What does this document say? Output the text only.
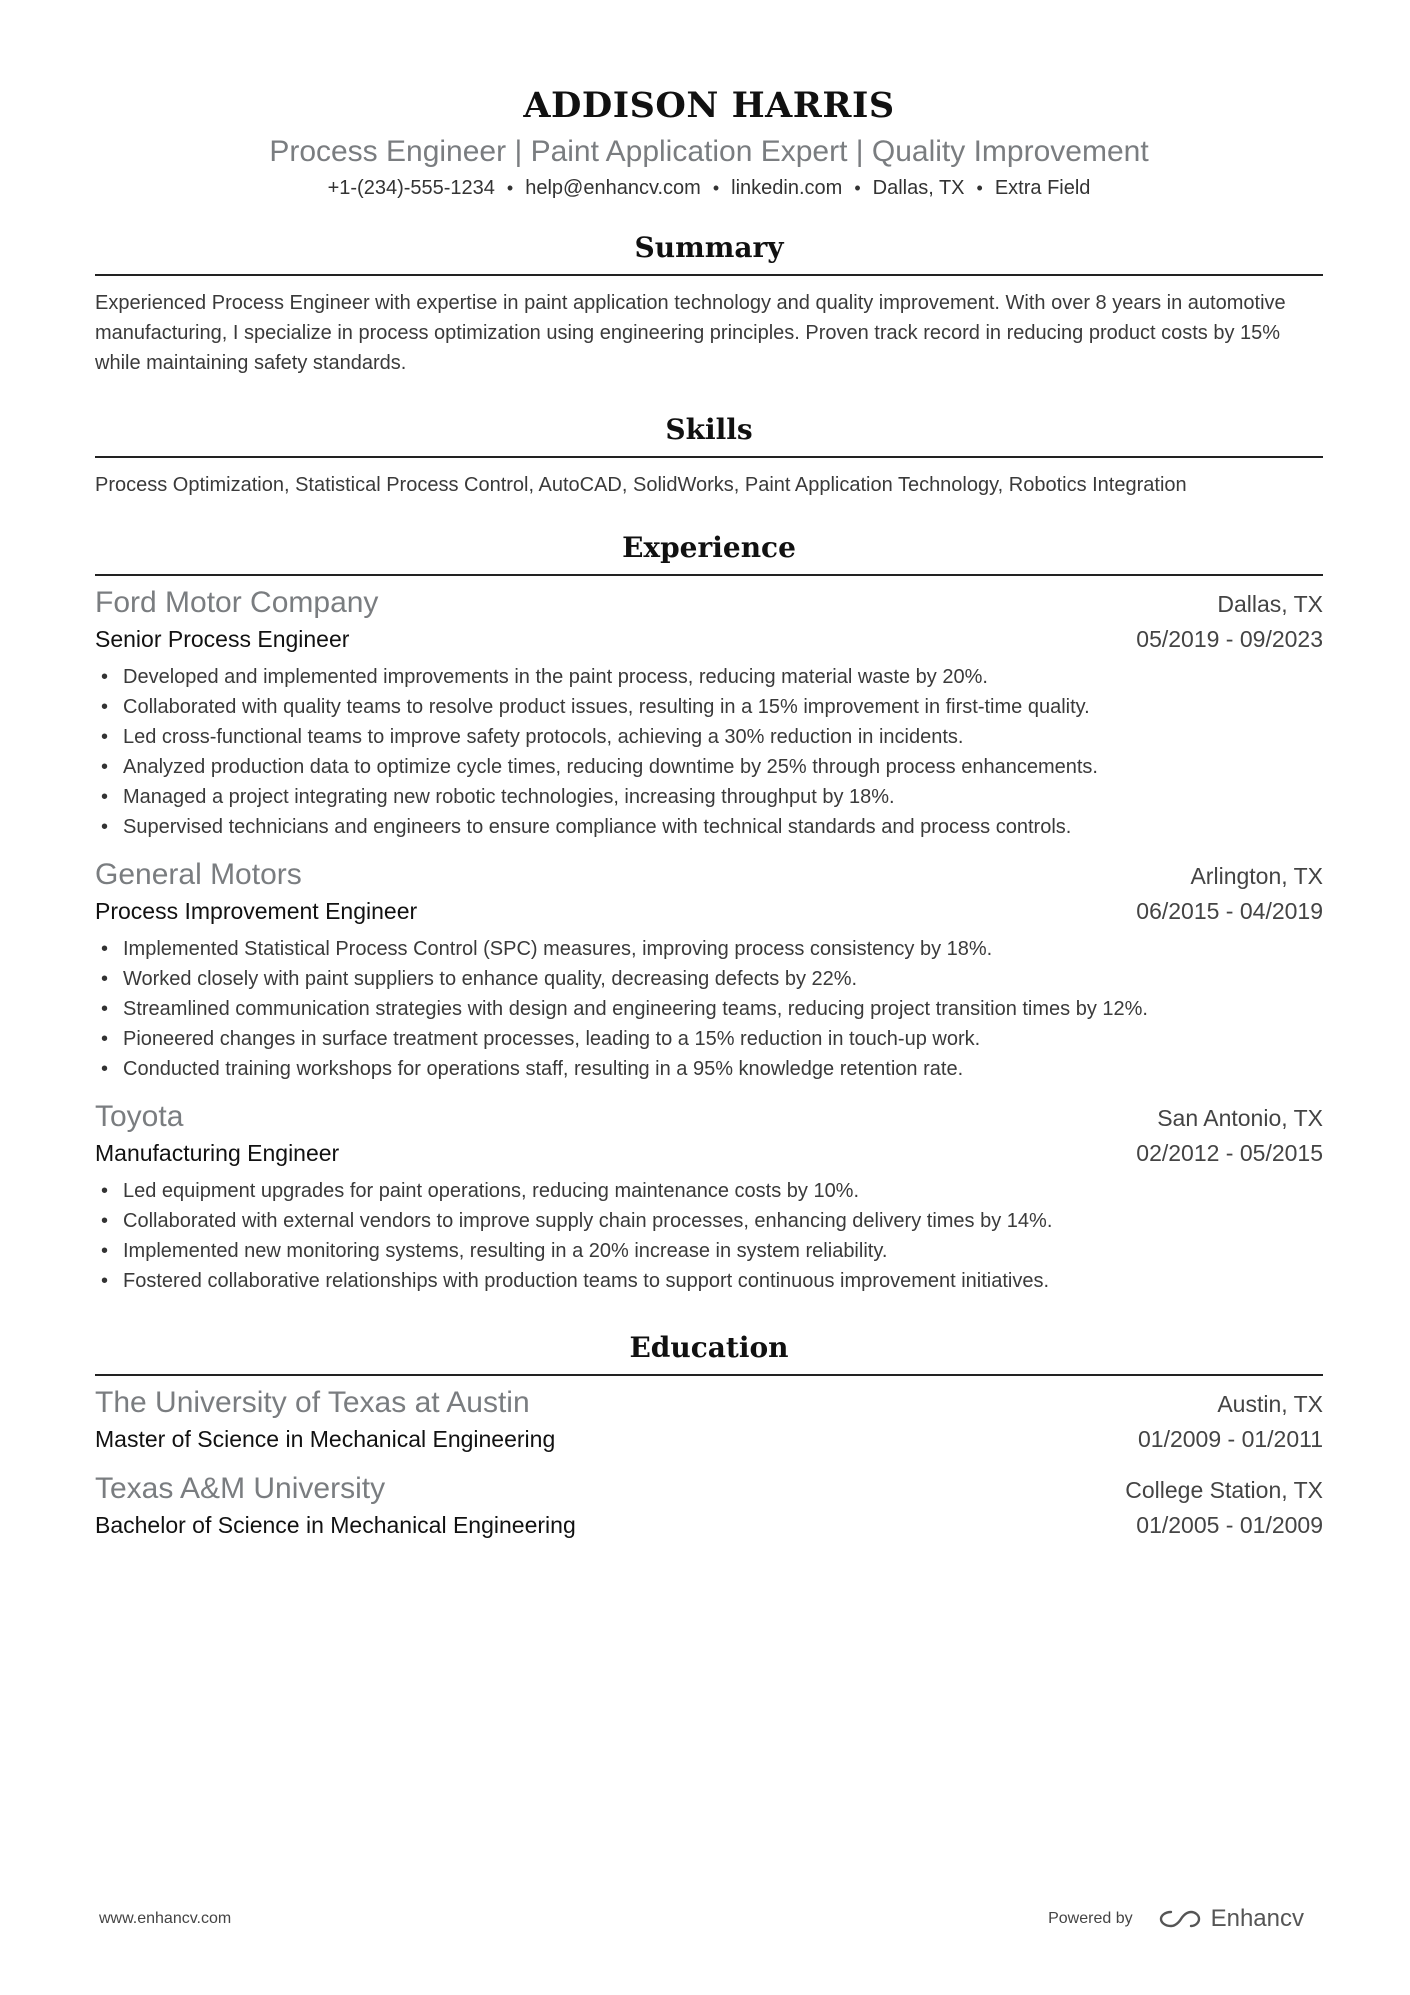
ADDISON HARRIS
Process Engineer | Paint Application Expert | Quality Improvement
+1-(234)-555-1234 • help@enhancv.com • linkedin.com • Dallas, TX • Extra Field
Summary
Experienced Process Engineer with expertise in paint application technology and quality improvement. With over 8 years in automotive manufacturing, I specialize in process optimization using engineering principles. Proven track record in reducing product costs by 15% while maintaining safety standards.
Skills
Process Optimization, Statistical Process Control, AutoCAD, SolidWorks, Paint Application Technology, Robotics Integration
Experience
Ford Motor Company	Dallas, TX
Senior Process Engineer	05/2019 - 09/2023
• Developed and implemented improvements in the paint process, reducing material waste by 20%.
• Collaborated with quality teams to resolve product issues, resulting in a 15% improvement in first-time quality.
• Led cross-functional teams to improve safety protocols, achieving a 30% reduction in incidents.
• Analyzed production data to optimize cycle times, reducing downtime by 25% through process enhancements.
• Managed a project integrating new robotic technologies, increasing throughput by 18%.
• Supervised technicians and engineers to ensure compliance with technical standards and process controls.
General Motors	Arlington, TX
Process Improvement Engineer	06/2015 - 04/2019
• Implemented Statistical Process Control (SPC) measures, improving process consistency by 18%.
• Worked closely with paint suppliers to enhance quality, decreasing defects by 22%.
• Streamlined communication strategies with design and engineering teams, reducing project transition times by 12%.
• Pioneered changes in surface treatment processes, leading to a 15% reduction in touch-up work.
• Conducted training workshops for operations staff, resulting in a 95% knowledge retention rate.
Toyota	San Antonio, TX
Manufacturing Engineer	02/2012 - 05/2015
• Led equipment upgrades for paint operations, reducing maintenance costs by 10%.
• Collaborated with external vendors to improve supply chain processes, enhancing delivery times by 14%.
• Implemented new monitoring systems, resulting in a 20% increase in system reliability.
• Fostered collaborative relationships with production teams to support continuous improvement initiatives.
Education
The University of Texas at Austin	Austin, TX
Master of Science in Mechanical Engineering	01/2009 - 01/2011
Texas A&M University	College Station, TX
Bachelor of Science in Mechanical Engineering	01/2005 - 01/2009
www.enhancv.com	Powered by	Enhancv
